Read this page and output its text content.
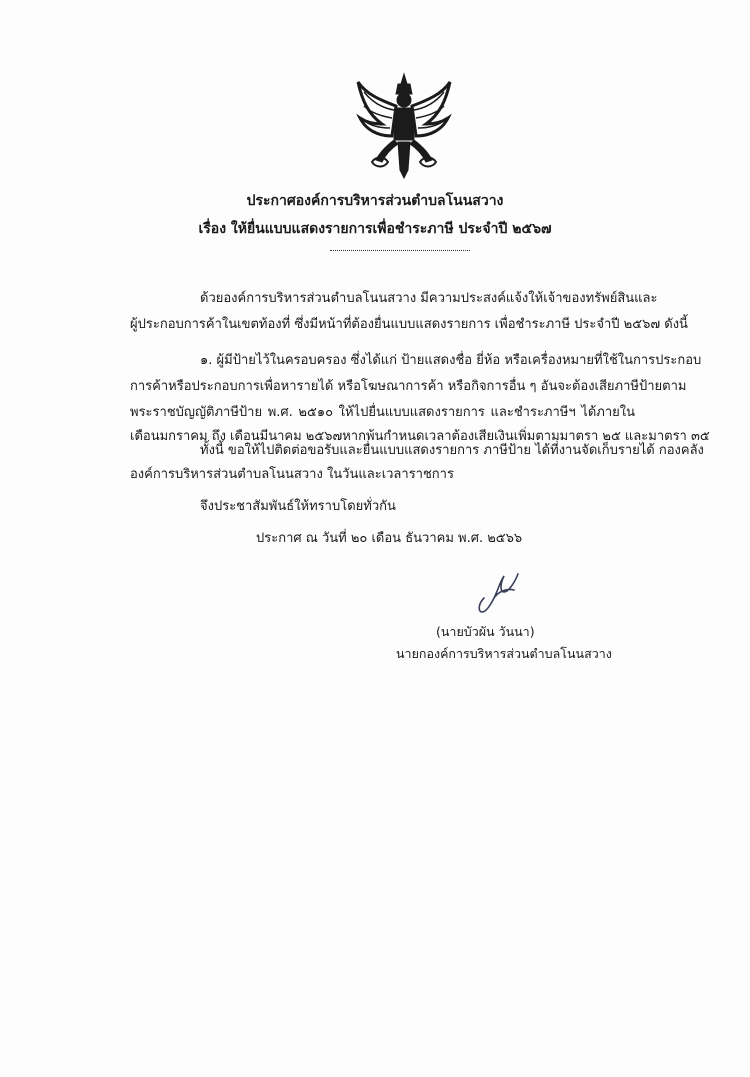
ประกาศองค์การบริหารส่วนตำบลโนนสวาง
เรื่อง ให้ยื่นแบบแสดงรายการเพื่อชำระภาษี ประจำปี ๒๕๖๗
ด้วยองค์การบริหารส่วนตำบลโนนสวาง มีความประสงค์แจ้งให้เจ้าของทรัพย์สินและ
ผู้ประกอบการค้าในเขตท้องที่ ซึ่งมีหน้าที่ต้องยื่นแบบแสดงรายการ เพื่อชำระภาษี ประจำปี ๒๕๖๗ ดังนี้
๑. ผู้มีป้ายไว้ในครอบครอง ซึ่งได้แก่ ป้ายแสดงชื่อ ยี่ห้อ หรือเครื่องหมายที่ใช้ในการประกอบ
การค้าหรือประกอบการเพื่อหารายได้ หรือโฆษณาการค้า หรือกิจการอื่น ๆ อันจะต้องเสียภาษีป้ายตาม
พระราชบัญญัติภาษีป้าย พ.ศ. ๒๕๑๐ ให้ไปยื่นแบบแสดงรายการ และชำระภาษีฯ ได้ภายใน
เดือนมกราคม ถึง เดือนมีนาคม ๒๕๖๗หากพ้นกำหนดเวลาต้องเสียเงินเพิ่มตามมาตรา ๒๕ และมาตรา ๓๕
ทั้งนี้ ขอให้ไปติดต่อขอรับและยื่นแบบแสดงรายการ ภาษีป้าย ได้ที่งานจัดเก็บรายได้ กองคลัง
องค์การบริหารส่วนตำบลโนนสวาง ในวันและเวลาราชการ
จึงประชาสัมพันธ์ให้ทราบโดยทั่วกัน
ประกาศ ณ วันที่ ๒๐ เดือน ธันวาคม พ.ศ. ๒๕๖๖
(นายบัวผัน วันนา)
นายกองค์การบริหารส่วนตำบลโนนสวาง
